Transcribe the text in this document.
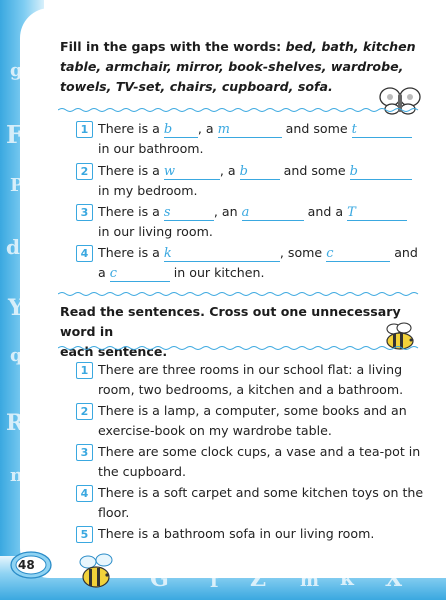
g
F
P
d
Y
q
R
n
G f Z m k X
Fill in the gaps with the words: bed, bath, kitchen table, armchair, mirror, book-shelves, wardrobe, towels, TV-set, chairs, cupboard, sofa.
1 There is a b , a m	and some t
in our bathroom.
2 There is a w	, a b	and some b
in my bedroom.
3 There is a s	, an a	and a T
in our living room.
4 There is a k	, some c	and
a c	in our kitchen.
Read the sentences. Cross out one unnecessary word in
each sentence.
1 There are three rooms in our school flat: a living
room, two bedrooms, a kitchen and a bathroom.
2 There is a lamp, a computer, some books and an
exercise-book on my wardrobe table.
3 There are some clock cups, a vase and a tea-pot in
the cupboard.
4 There is a soft carpet and some kitchen toys on the
floor.
5 There is a bathroom sofa in our living room.
48
